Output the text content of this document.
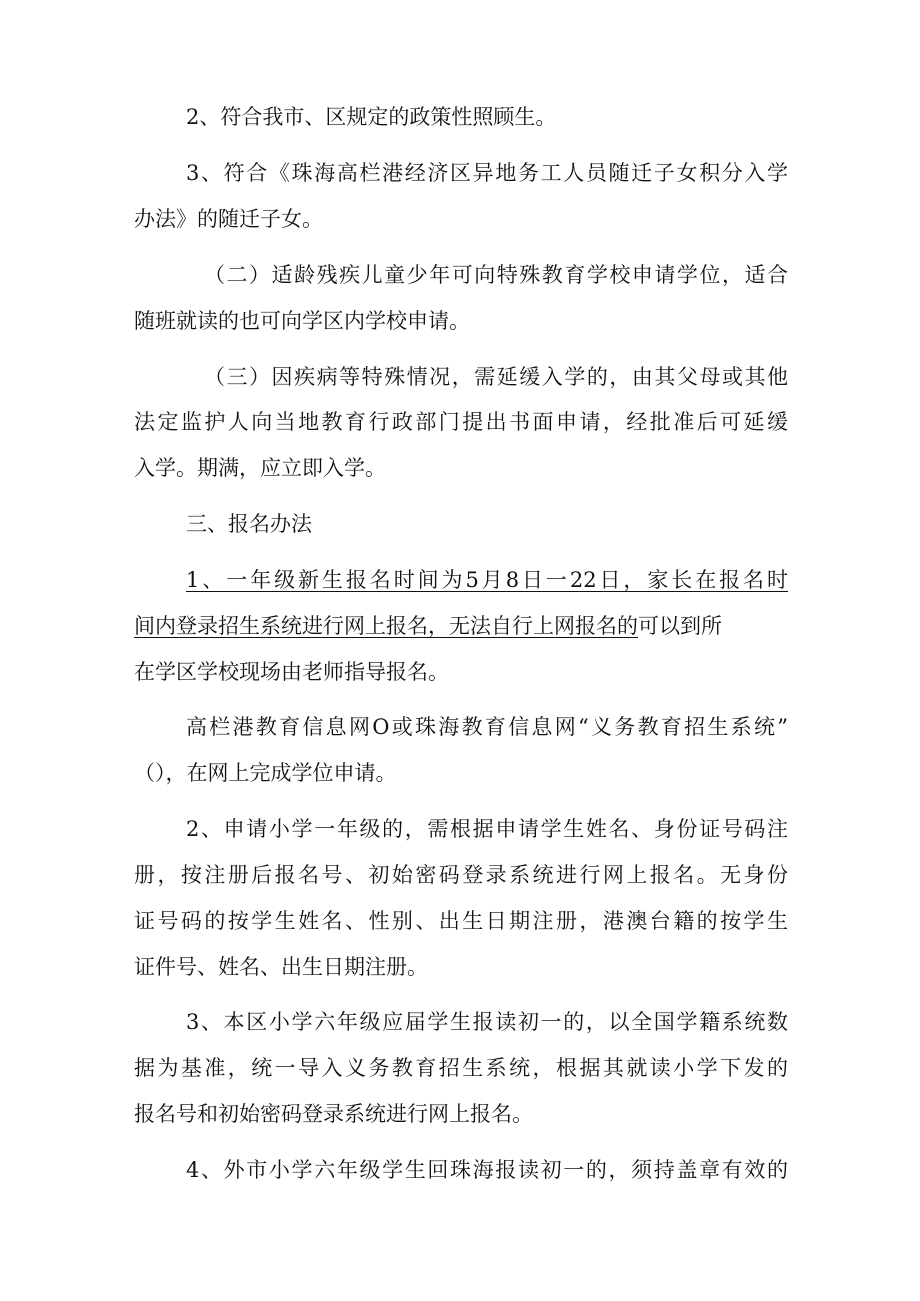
2、符合我市、区规定的政策性照顾生。
3、符合《珠海高栏港经济区异地务工人员随迁子女积分入学
办法》的随迁子女。
（二）适龄残疾儿童少年可向特殊教育学校申请学位，适合
随班就读的也可向学区内学校申请。
（三）因疾病等特殊情况，需延缓入学的，由其父母或其他
法定监护人向当地教育行政部门提出书面申请，经批准后可延缓
入学。期满，应立即入学。
三、报名办法
1、一年级新生报名时间为5月8日一22日，家长在报名时
间内登录招生系统进行网上报名，无法自行上网报名的可以到所
在学区学校现场由老师指导报名。
高栏港教育信息网O或珠海教育信息网“义务教育招生系统”
（），在网上完成学位申请。
2、申请小学一年级的，需根据申请学生姓名、身份证号码注
册，按注册后报名号、初始密码登录系统进行网上报名。无身份
证号码的按学生姓名、性别、出生日期注册，港澳台籍的按学生
证件号、姓名、出生日期注册。
3、本区小学六年级应届学生报读初一的，以全国学籍系统数
据为基准，统一导入义务教育招生系统，根据其就读小学下发的
报名号和初始密码登录系统进行网上报名。
4、外市小学六年级学生回珠海报读初一的，须持盖章有效的
